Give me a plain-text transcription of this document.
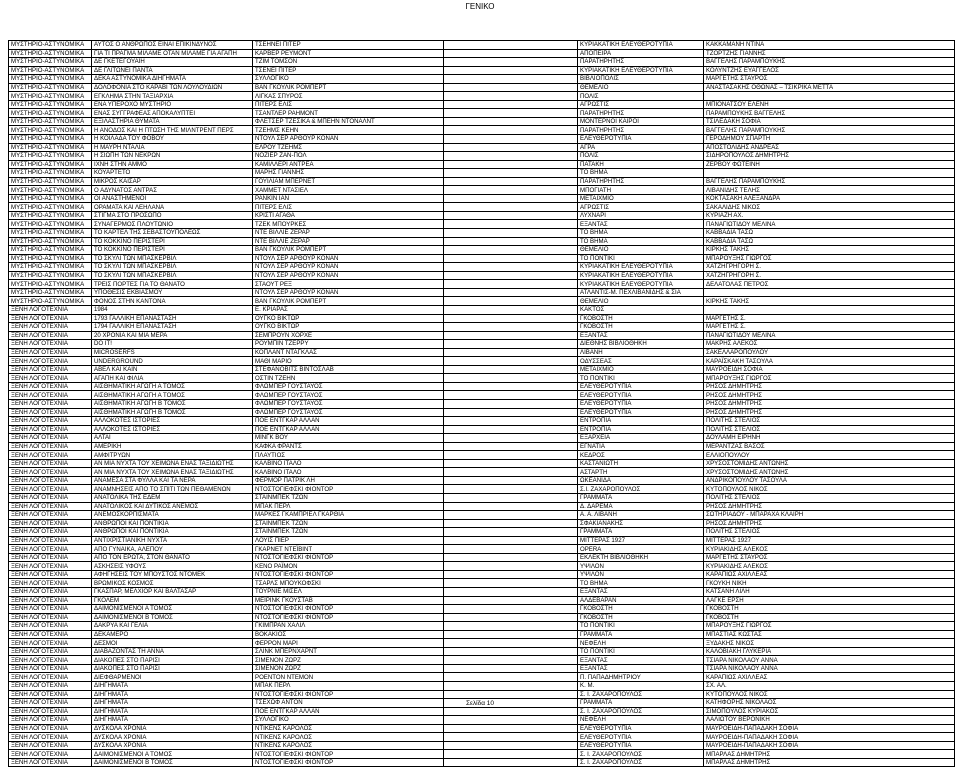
ΓΕΝΙΚΟ
ΜΥΣΤΗΡΙΟ-ΑΣΤΥΝΟΜΙΚΑ	ΑΥΤΟΣ Ο ΑΝΘΡΩΠΟΣ ΕΙΝΑΙ ΕΠΙΚΙΝΔΥΝΟΣ	ΤΣΕΗΝΕΪ ΠΙΤΕΡ		ΚΥΡΙΑΚΑΤΙΚΗ ΕΛΕΥΘΕΡΟΤΥΠΙΑ	ΚΑΚΚΑΜΑΝΗ ΝΤΙΝΑ
ΜΥΣΤΗΡΙΟ-ΑΣΤΥΝΟΜΙΚΑ	ΓΙΑ ΤΙ ΠΡΑΓΜΑ ΜΙΛΑΜΕ ΟΤΑΝ ΜΙΛΑΜΕ ΓΙΑ ΑΓΑΠΗ	ΚΑΡΒΕΡ ΡΕΫΜΟΝΤ		ΑΠΟΠΕΙΡΑ	ΤΖΟΡΤΖΗΣ ΓΙΑΝΝΗΣ
ΜΥΣΤΗΡΙΟ-ΑΣΤΥΝΟΜΙΚΑ	ΔΕ ΓΚΕΤΕΓΟΥΑΪΗ	ΤΖΙΜ ΤΟΜΣΟΝ		ΠΑΡΑΤΗΡΗΤΗΣ	ΒΑΓΓΕΛΗΣ ΠΑΡΑΜΠΟΥΚΗΣ
ΜΥΣΤΗΡΙΟ-ΑΣΤΥΝΟΜΙΚΑ	ΔΕ ΓΛΙΤΩΝΕΙ ΠΑΝΤΑ	ΤΣΕΝΕΪ ΠΙΤΕΡ		ΚΥΡΙΑΚΑΤΙΚΗ ΕΛΕΥΘΕΡΟΤΥΠΙΑ	ΚΟΛΥΝΤΖΗΣ ΕΥΑΓΓΕΛΟΣ
ΜΥΣΤΗΡΙΟ-ΑΣΤΥΝΟΜΙΚΑ	ΔΕΚΑ ΑΣΤΥΝΟΜΙΚΑ ΔΙΗΓΗΜΑΤΑ	ΣΥΛΛΟΓΙΚΟ		ΒΙΒΛΙΟΠΟΛΙΣ	ΜΑΡΓΕΤΗΣ ΣΤΑΥΡΟΣ
ΜΥΣΤΗΡΙΟ-ΑΣΤΥΝΟΜΙΚΑ	ΔΟΛΟΦΟΝΙΑ ΣΤΟ ΚΑΡΑΒΙ ΤΩΝ ΛΟΥΛΟΥΔΙΩΝ	ΒΑΝ ΓΚΟΥΛΙΚ ΡΟΜΠΕΡΤ		ΘΕΜΕΛΙΟ	ΑΝΑΣΤΑΣΑΚΗΣ ΟΘΩΝΑΣ – ΤΣΙΚΡΙΚΑ ΜΕΤΤΑ
ΜΥΣΤΗΡΙΟ-ΑΣΤΥΝΟΜΙΚΑ	ΕΓΚΛΗΜΑ ΣΤΗΝ ΤΑΞΙΑΡΧΙΑ	ΛΙΓΚΑΣ ΣΠΥΡΟΣ		ΠΟΛΙΣ	
ΜΥΣΤΗΡΙΟ-ΑΣΤΥΝΟΜΙΚΑ	ΕΝΑ ΥΠΕΡΟΧΟ ΜΥΣΤΗΡΙΟ	ΠΙΤΕΡΣ ΕΛΙΣ		ΑΓΡΩΣΤΙΣ	ΜΠΙΟΝΑΤΣΟΥ ΕΛΕΝΗ
ΜΥΣΤΗΡΙΟ-ΑΣΤΥΝΟΜΙΚΑ	ΕΝΑΣ ΣΥΓΓΡΑΦΕΑΣ ΑΠΟΚΑΛΥΠΤΕΙ	ΤΣΑΝΤΛΕΡ ΡΑΗΜΟΝΤ		ΠΑΡΑΤΗΡΗΤΗΣ	ΠΑΡΑΜΠΟΥΚΗΣ ΒΑΓΓΕΛΗΣ
ΜΥΣΤΗΡΙΟ-ΑΣΤΥΝΟΜΙΚΑ	ΕΞΙΛΑΣΤΗΡΙΑ ΘΥΜΑΤΑ	ΦΛΕΤΣΕΡ ΤΖΕΣΙΚΑ & ΜΠΕΗΝ ΝΤΟΝΑΛΝΤ		ΜΟΝΤΕΡΝΟΙ ΚΑΙΡΟΙ	ΤΣΙΛΕΔΑΚΗ ΣΟΦΙΑ
ΜΥΣΤΗΡΙΟ-ΑΣΤΥΝΟΜΙΚΑ	Η ΑΝΟΔΟΣ ΚΑΙ Η ΠΤΩΣΗ ΤΗΣ ΜΙΛΝΤΡΕΝΤ ΠΕΡΣ	ΤΖΕΗΜΣ ΚΕΗΝ		ΠΑΡΑΤΗΡΗΤΗΣ	ΒΑΓΓΕΛΗΣ ΠΑΡΑΜΠΟΥΚΗΣ
ΜΥΣΤΗΡΙΟ-ΑΣΤΥΝΟΜΙΚΑ	Η ΚΟΙΛΑΔΑ ΤΟΥ ΦΟΒΟΥ	ΝΤΟΥΛ ΣΕΡ ΑΡΘΟΥΡ ΚΟΝΑΝ		ΕΛΕΥΘΕΡΟΤΥΠΙΑ	ΓΕΡΟΔΗΜΟΥ ΣΠΑΡΤΗ
ΜΥΣΤΗΡΙΟ-ΑΣΤΥΝΟΜΙΚΑ	Η ΜΑΥΡΗ ΝΤΑΛΙΑ	ΕΛΡΟΫ ΤΖΕΗΜΣ		ΑΓΡΑ	ΑΠΟΣΤΟΛΙΔΗΣ ΑΝΔΡΕΑΣ
ΜΥΣΤΗΡΙΟ-ΑΣΤΥΝΟΜΙΚΑ	Η ΣΙΩΠΗ ΤΩΝ ΝΕΚΡΩΝ	ΝΟΖΙΕΡ ΖΑΝ-ΠΟΛ		ΠΟΛΙΣ	ΣΙΔΗΡΟΠΟΥΛΟΣ ΔΗΜΗΤΡΗΣ
ΜΥΣΤΗΡΙΟ-ΑΣΤΥΝΟΜΙΚΑ	ΙΧΝΗ ΣΤΗΝ ΑΜΜΟ	ΚΑΜΙΛΛΕΡΙ ΑΝΤΡΕΑ		ΠΑΤΑΚΗ	ΖΕΡΒΟΥ ΦΩΤΕΙΝΗ
ΜΥΣΤΗΡΙΟ-ΑΣΤΥΝΟΜΙΚΑ	ΚΟΥΑΡΤΕΤΟ	ΜΑΡΗΣ ΓΙΑΝΝΗΣ		ΤΟ ΒΗΜΑ	
ΜΥΣΤΗΡΙΟ-ΑΣΤΥΝΟΜΙΚΑ	ΜΙΚΡΟΣ ΚΑΙΣΑΡ	ΓΟΥΙΛΙΑΜ ΜΠΕΡΝΕΤ		ΠΑΡΑΤΗΡΗΤΗΣ	ΒΑΓΓΕΛΗΣ ΠΑΡΑΜΠΟΥΚΗΣ
ΜΥΣΤΗΡΙΟ-ΑΣΤΥΝΟΜΙΚΑ	Ο ΑΔΥΝΑΤΟΣ ΑΝΤΡΑΣ	ΧΑΜΜΕΤ ΝΤΑΣΙΕΛ		ΜΠΟΓΙΑΤΗ	ΛΙΒΑΝΙΔΗΣ ΤΕΛΗΣ
ΜΥΣΤΗΡΙΟ-ΑΣΤΥΝΟΜΙΚΑ	ΟΙ ΑΝΑΣΤΗΜΕΝΟΙ	ΡΑΝΚΙΝ ΙΑΝ		ΜΕΤΑΙΧΜΙΟ	ΚΟΚΤΑΣΑΚΗ ΑΛΕΞΑΝΔΡΑ
ΜΥΣΤΗΡΙΟ-ΑΣΤΥΝΟΜΙΚΑ	ΟΡΑΜΑΤΑ ΚΑΙ ΛΕΗΛΑΝΑ	ΠΙΤΕΡΣ ΕΛΙΣ		ΑΓΡΩΣΤΙΣ	ΣΑΚΑΛΙΔΗΣ ΝΙΚΟΣ
ΜΥΣΤΗΡΙΟ-ΑΣΤΥΝΟΜΙΚΑ	ΣΤΙΓΜΑ ΣΤΟ ΠΡΟΣΩΠΟ	ΚΡΙΣΤΙ ΑΓΑΘΑ		ΛΥΧΝΑΡΙ	ΚΥΡΙΑΖΗ ΑΧ.
ΜΥΣΤΗΡΙΟ-ΑΣΤΥΝΟΜΙΚΑ	ΣΥΝΑΓΕΡΜΟΣ ΠΛΟΥΤΩΝΙΟ	ΤΖΕΚ ΜΠΟΥΡΚΕΣ		ΕΞΑΝΤΑΣ	ΠΑΝΑΓΙΩΤΙΔΟΥ ΜΕΛΙΝΑ
ΜΥΣΤΗΡΙΟ-ΑΣΤΥΝΟΜΙΚΑ	ΤΟ ΚΑΡΤΕΛ ΤΗΣ ΣΕΒΑΣΤΟΥΠΟΛΕΩΣ	ΝΤΕ ΒΙΛΛΙΕ ΖΕΡΑΡ		ΤΟ ΒΗΜΑ	ΚΑΒΒΑΔΙΑ ΤΑΣΩ
ΜΥΣΤΗΡΙΟ-ΑΣΤΥΝΟΜΙΚΑ	ΤΟ ΚΟΚΚΙΝΟ ΠΕΡΙΣΤΕΡΙ	ΝΤΕ ΒΙΛΛΙΕ ΖΕΡΑΡ		ΤΟ ΒΗΜΑ	ΚΑΒΒΑΔΙΑ ΤΑΣΩ
ΜΥΣΤΗΡΙΟ-ΑΣΤΥΝΟΜΙΚΑ	ΤΟ ΚΟΚΚΙΝΟ ΠΕΡΙΣΤΕΡΙ	ΒΑΝ ΓΚΟΥΛΙΚ ΡΟΜΠΕΡΤ		ΘΕΜΕΛΙΟ	ΚΙΡΚΗΣ ΤΑΚΗΣ
ΜΥΣΤΗΡΙΟ-ΑΣΤΥΝΟΜΙΚΑ	ΤΟ ΣΚΥΛΙ ΤΩΝ ΜΠΑΣΚΕΡΒΙΛ	ΝΤΟΥΛ ΣΕΡ ΑΡΘΟΥΡ ΚΟΝΑΝ		ΤΟ ΠΟΝΤΙΚΙ	ΜΠΑΡΟΥΞΗΣ ΓΙΩΡΓΟΣ
ΜΥΣΤΗΡΙΟ-ΑΣΤΥΝΟΜΙΚΑ	ΤΟ ΣΚΥΛΙ ΤΩΝ ΜΠΑΣΚΕΡΒΙΛ	ΝΤΟΥΛ ΣΕΡ ΑΡΘΟΥΡ ΚΟΝΑΝ		ΚΥΡΙΑΚΑΤΙΚΗ ΕΛΕΥΘΕΡΟΤΥΠΙΑ	ΧΑΤΖΗΓΡΗΓΟΡΗ Σ.
ΜΥΣΤΗΡΙΟ-ΑΣΤΥΝΟΜΙΚΑ	ΤΟ ΣΚΥΛΙ ΤΩΝ ΜΠΑΣΚΕΡΒΙΛ	ΝΤΟΥΛ ΣΕΡ ΑΡΘΟΥΡ ΚΟΝΑΝ		ΚΥΡΙΑΚΑΤΙΚΗ ΕΛΕΥΘΕΡΟΤΥΠΙΑ	ΧΑΤΖΗΓΡΗΓΟΡΗ Σ.
ΜΥΣΤΗΡΙΟ-ΑΣΤΥΝΟΜΙΚΑ	ΤΡΕΙΣ ΠΟΡΤΕΣ ΓΙΑ ΤΟ ΘΑΝΑΤΟ	ΣΤΑΟΥΤ ΡΕΞ		ΚΥΡΙΑΚΑΤΙΚΗ ΕΛΕΥΘΕΡΟΤΥΠΙΑ	ΔΕΛΑΤΟΛΑΣ ΠΕΤΡΟΣ
ΜΥΣΤΗΡΙΟ-ΑΣΤΥΝΟΜΙΚΑ	ΥΠΟΘΕΣΙΣ ΕΚΒΙΑΣΜΟΥ	ΝΤΟΥΛ ΣΕΡ ΑΡΘΟΥΡ ΚΟΝΑΝ		ΑΤΛΑΝΤΙΣ-Μ. ΠΕΧΛΙΒΑΝΙΔΗΣ & ΣΙΑ	
ΜΥΣΤΗΡΙΟ-ΑΣΤΥΝΟΜΙΚΑ	ΦΟΝΟΣ ΣΤΗΝ ΚΑΝΤΟΝΑ	ΒΑΝ ΓΚΟΥΛΙΚ ΡΟΜΠΕΡΤ		ΘΕΜΕΛΙΟ	ΚΙΡΚΗΣ ΤΑΚΗΣ
ΞΕΝΗ ΛΟΓΟΤΕΧΝΙΑ	1984	Ε. ΚΡΙΑΡΑΣ		ΚΑΚΤΟΣ	
ΞΕΝΗ ΛΟΓΟΤΕΧΝΙΑ	1793 ΓΑΛΛΙΚΗ ΕΠΑΝΑΣΤΑΣΗ	ΟΥΓΚΟ ΒΙΚΤΩΡ		ΓΚΟΒΟΣΤΗ	ΜΑΡΓΕΤΗΣ Σ.
ΞΕΝΗ ΛΟΓΟΤΕΧΝΙΑ	1794 ΓΑΛΛΙΚΗ ΕΠΑΝΑΣΤΑΣΗ	ΟΥΓΚΟ ΒΙΚΤΩΡ		ΓΚΟΒΟΣΤΗ	ΜΑΡΓΕΤΗΣ Σ.
ΞΕΝΗ ΛΟΓΟΤΕΧΝΙΑ	20 ΧΡΟΝΙΑ ΚΑΙ ΜΙΑ ΜΕΡΑ	ΣΕΜΠΡΟΥΝ ΧΟΡΧΕ		ΕΞΑΝΤΑΣ	ΠΑΝΑΓΙΩΤΙΔΟΥ ΜΕΛΙΝΑ
ΞΕΝΗ ΛΟΓΟΤΕΧΝΙΑ	DO IT!	ΡΟΥΜΠΙΝ ΤΖΕΡΡΥ		ΔΙΕΘΝΗΣ ΒΙΒΛΙΟΘΗΚΗ	ΜΑΚΡΗΣ ΑΛΕΚΟΣ
ΞΕΝΗ ΛΟΓΟΤΕΧΝΙΑ	MICROSERFS	ΚΟΠΛΑΝΤ ΝΤΑΓΚΛΑΣ		ΛΙΒΑΝΗ	ΣΑΚΕΛΛΑΡΟΠΟΥΛΟΥ
ΞΕΝΗ ΛΟΓΟΤΕΧΝΙΑ	UNDERGROUND	ΜΑΘΙ ΜΑΡΙΟ		ΟΔΥΣΣΕΑΣ	ΚΑΡΑΪΣΚΑΚΗ ΤΑΣΟΥΛΑ
ΞΕΝΗ ΛΟΓΟΤΕΧΝΙΑ	ΑΒΕΛ ΚΑΙ ΚΑΙΝ	ΣΤΕΦΑΝΟΒΙΤΣ ΒΙΝΤΟΣΛΑΒ		ΜΕΤΑΙΧΜΙΟ	ΜΑΥΡΟΕΙΔΗ ΣΟΦΙΑ
ΞΕΝΗ ΛΟΓΟΤΕΧΝΙΑ	ΑΓΑΠΗ ΚΑΙ ΦΙΛΙΑ	ΟΣΤΙΝ ΤΖΕΗΝ		ΤΟ ΠΟΝΤΙΚΙ	ΜΠΑΡΟΥΞΗΣ ΓΙΩΡΓΟΣ
ΞΕΝΗ ΛΟΓΟΤΕΧΝΙΑ	ΑΙΣΘΗΜΑΤΙΚΗ ΑΓΩΓΗ Α ΤΟΜΟΣ	ΦΛΩΜΠΕΡ ΓΟΥΣΤΑΥΟΣ		ΕΛΕΥΘΕΡΟΤΥΠΙΑ	ΡΗΣΟΣ ΔΗΜΗΤΡΗΣ
ΞΕΝΗ ΛΟΓΟΤΕΧΝΙΑ	ΑΙΣΘΗΜΑΤΙΚΗ ΑΓΩΓΗ Α ΤΟΜΟΣ	ΦΛΩΜΠΕΡ ΓΟΥΣΤΑΥΟΣ		ΕΛΕΥΘΕΡΟΤΥΠΙΑ	ΡΗΣΟΣ ΔΗΜΗΤΡΗΣ
ΞΕΝΗ ΛΟΓΟΤΕΧΝΙΑ	ΑΙΣΘΗΜΑΤΙΚΗ ΑΓΩΓΗ Β ΤΟΜΟΣ	ΦΛΩΜΠΕΡ ΓΟΥΣΤΑΥΟΣ		ΕΛΕΥΘΕΡΟΤΥΠΙΑ	ΡΗΣΟΣ ΔΗΜΗΤΡΗΣ
ΞΕΝΗ ΛΟΓΟΤΕΧΝΙΑ	ΑΙΣΘΗΜΑΤΙΚΗ ΑΓΩΓΗ Β ΤΟΜΟΣ	ΦΛΩΜΠΕΡ ΓΟΥΣΤΑΥΟΣ		ΕΛΕΥΘΕΡΟΤΥΠΙΑ	ΡΗΣΟΣ ΔΗΜΗΤΡΗΣ
ΞΕΝΗ ΛΟΓΟΤΕΧΝΙΑ	ΑΛΛΟΚΟΤΕΣ ΙΣΤΟΡΙΕΣ	ΠΟΕ ΕΝΤΓΚΑΡ ΑΛΛΑΝ		ΕΝΤΡΟΠΙΑ	ΠΟΛΙΤΗΣ ΣΤΕΛΙΟΣ
ΞΕΝΗ ΛΟΓΟΤΕΧΝΙΑ	ΑΛΛΟΚΟΤΕΣ ΙΣΤΟΡΙΕΣ	ΠΟΕ ΕΝΤΓΚΑΡ ΑΛΛΑΝ		ΕΝΤΡΟΠΙΑ	ΠΟΛΙΤΗΣ ΣΤΕΛΙΟΣ
ΞΕΝΗ ΛΟΓΟΤΕΧΝΙΑ	ΑΛΤΑΙ	ΜΙΝΓΚ ΒΟΥ		ΕΞΑΡΧΕΙΑ	ΔΟΥΛΑΜΗ ΕΙΡΗΝΗ
ΞΕΝΗ ΛΟΓΟΤΕΧΝΙΑ	ΑΜΕΡΙΚΗ	ΚΑΦΚΑ ΦΡΑΝΤΣ		ΕΓΝΑΤΙΑ	ΜΕΡΑΝΤΖΑΣ ΒΑΣΟΣ
ΞΕΝΗ ΛΟΓΟΤΕΧΝΙΑ	ΑΜΦΙΤΡΥΩΝ	ΠΛΑΥΤΙΟΣ		ΚΕΔΡΟΣ	ΕΛΛΙΟΠΟΥΛΟΥ
ΞΕΝΗ ΛΟΓΟΤΕΧΝΙΑ	ΑΝ ΜΙΑ ΝΥΧΤΑ ΤΟΥ ΧΕΙΜΩΝΑ ΕΝΑΣ ΤΑΞΙΔΙΩΤΗΣ	ΚΑΛΒΙΝΟ ΙΤΑΛΟ		ΚΑΣΤΑΝΙΩΤΗ	ΧΡΥΣΟΣΤΟΜΙΔΗΣ ΑΝΤΩΝΗΣ
ΞΕΝΗ ΛΟΓΟΤΕΧΝΙΑ	ΑΝ ΜΙΑ ΝΥΧΤΑ ΤΟΥ ΧΕΙΜΩΝΑ ΕΝΑΣ ΤΑΞΙΔΙΩΤΗΣ	ΚΑΛΒΙΝΟ ΙΤΑΛΟ		ΑΣΤΑΡΤΗ	ΧΡΥΣΟΣΤΟΜΙΔΗΣ ΑΝΤΩΝΗΣ
ΞΕΝΗ ΛΟΓΟΤΕΧΝΙΑ	ΑΝΑΜΕΣΑ ΣΤΑ ΦΥΛΛΑ ΚΑΙ ΤΑ ΝΕΡΑ	ΦΕΡΜΟΡ ΠΑΤΡΙΚ ΛΗ		ΩΚΕΑΝΙΔΑ	ΑΝΔΡΙΚΟΠΟΥΛΟΥ ΤΑΣΟΥΛΑ
ΞΕΝΗ ΛΟΓΟΤΕΧΝΙΑ	ΑΝΑΜΝΗΣΕΙΣ ΑΠΟ ΤΟ ΣΠΙΤΙ ΤΩΝ ΠΕΘΑΜΕΝΩΝ	ΝΤΟΣΤΟΓΙΕΦΣΚΙ ΦΙΟΝΤΟΡ		Σ.Ι. ΖΑΧΑΡΟΠΟΥΛΟΣ	ΚΥΤΟΠΟΥΛΟΣ ΝΙΚΟΣ
ΞΕΝΗ ΛΟΓΟΤΕΧΝΙΑ	ΑΝΑΤΟΛΙΚΑ ΤΗΣ ΕΔΕΜ	ΣΤΑΙΝΜΠΕΚ ΤΖΩΝ		ΓΡΑΜΜΑΤΑ	ΠΟΛΙΤΗΣ ΣΤΕΛΙΟΣ
ΞΕΝΗ ΛΟΓΟΤΕΧΝΙΑ	ΑΝΑΤΟΛΙΚΟΣ ΚΑΙ ΔΥΤΙΚΟΣ ΑΝΕΜΟΣ	ΜΠΑΚ ΠΕΡΛ		Δ. ΔΑΡΕΜΑ	ΡΗΣΟΣ ΔΗΜΗΤΡΗΣ
ΞΕΝΗ ΛΟΓΟΤΕΧΝΙΑ	ΑΝΕΜΟΣΚΟΡΠΙΣΜΑΤΑ	ΜΑΡΚΕΣ ΓΚΑΜΠΡΙΕΛ ΓΚΑΡΘΙΑ		Α. Α. ΛΙΒΑΝΗ	ΣΩΤΗΡΙΑΔΟΥ - ΜΠΑΡΑΧΑ ΚΛΑΙΡΗ
ΞΕΝΗ ΛΟΓΟΤΕΧΝΙΑ	ΑΝΘΡΩΠΟΙ ΚΑΙ ΠΟΝΤΙΚΙΑ	ΣΤΑΙΝΜΠΕΚ ΤΖΩΝ		ΣΦΑΚΙΑΝΑΚΗΣ	ΡΗΣΟΣ ΔΗΜΗΤΡΗΣ
ΞΕΝΗ ΛΟΓΟΤΕΧΝΙΑ	ΑΝΘΡΩΠΟΙ ΚΑΙ ΠΟΝΤΙΚΙΑ	ΣΤΑΙΝΜΠΕΚ ΤΖΩΝ		ΓΡΑΜΜΑΤΑ	ΠΟΛΙΤΗΣ ΣΤΕΛΙΟΣ
ΞΕΝΗ ΛΟΓΟΤΕΧΝΙΑ	ΑΝΤΙΧΡΙΣΤΙΑΝΙΚΗ ΝΥΧΤΑ	ΛΟΥΙΣ ΠΙΕΡ		ΜΙΤΤΕΡΑΣ 1927	ΜΙΤΤΕΡΑΣ 1927
ΞΕΝΗ ΛΟΓΟΤΕΧΝΙΑ	ΑΠΟ ΓΥΝΑΙΚΑ, ΑΛΕΠΟΥ	ΓΚΑΡΝΕΤ ΝΤΕΪΒΙΝΤ		OPERA	ΚΥΡΙΑΚΙΔΗΣ ΑΛΕΚΟΣ
ΞΕΝΗ ΛΟΓΟΤΕΧΝΙΑ	ΑΠΟ ΤΟΝ ΕΡΩΤΑ, ΣΤΟΝ ΘΑΝΑΤΟ	ΝΤΟΣΤΟΓΙΕΦΣΚΙ ΦΙΟΝΤΟΡ		ΕΚΛΕΚΤΗ ΒΙΒΛΙΟΘΗΚΗ	ΜΑΡΓΕΤΗΣ ΣΤΑΥΡΟΣ
ΞΕΝΗ ΛΟΓΟΤΕΧΝΙΑ	ΑΣΚΗΣΕΙΣ ΥΦΟΥΣ	ΚΕΝΟ ΡΑΪΜΟΝ		ΥΨΙΛΟΝ	ΚΥΡΙΑΚΙΔΗΣ ΑΛΕΚΟΣ
ΞΕΝΗ ΛΟΓΟΤΕΧΝΙΑ	ΑΦΗΓΗΣΕΙΣ ΤΟΥ ΜΠΟΥΣΤΟΣ ΝΤΟΜΕΚ	ΝΤΟΣΤΟΓΙΕΦΣΚΙ ΦΙΟΝΤΟΡ		ΥΨΙΛΟΝ	ΚΑΡΑΠΙΩΣ ΑΧΙΛΛΕΑΣ
ΞΕΝΗ ΛΟΓΟΤΕΧΝΙΑ	ΒΡΩΜΙΚΟΣ ΚΟΣΜΟΣ	ΤΣΑΡΛΣ ΜΠΟΥΚΟΦΣΚΙ		ΤΟ ΒΗΜΑ	ΓΚΟΥΚΗ ΝΙΚΗ
ΞΕΝΗ ΛΟΓΟΤΕΧΝΙΑ	ΓΚΑΣΠΑΡ, ΜΕΛΧΙΟΡ ΚΑΙ ΒΑΛΤΑΣΑΡ	ΤΟΥΡΝΙΕ ΜΙΣΕΛ		ΕΞΑΝΤΑΣ	ΚΑΤΣΑΝΗ ΛΙΛΗ
ΞΕΝΗ ΛΟΓΟΤΕΧΝΙΑ	ΓΚΟΛΕΜ	ΜΕΪΡΙΝΚ ΓΚΟΥΣΤΑΒ		ΑΛΔΕΒΑΡΑΝ	ΛΑΓΚΕ ΕΡΣΗ
ΞΕΝΗ ΛΟΓΟΤΕΧΝΙΑ	ΔΑΙΜΟΝΙΣΜΕΝΟΙ Α ΤΟΜΟΣ	ΝΤΟΣΤΟΓΙΕΦΣΚΙ ΦΙΟΝΤΟΡ		ΓΚΟΒΟΣΤΗ	ΓΚΟΒΟΣΤΗ
ΞΕΝΗ ΛΟΓΟΤΕΧΝΙΑ	ΔΑΙΜΟΝΙΣΜΕΝΟΙ Β ΤΟΜΟΣ	ΝΤΟΣΤΟΓΙΕΦΣΚΙ ΦΙΟΝΤΟΡ		ΓΚΟΒΟΣΤΗ	ΓΚΟΒΟΣΤΗ
ΞΕΝΗ ΛΟΓΟΤΕΧΝΙΑ	ΔΑΚΡΥΑ ΚΑΙ ΓΕΛΙΑ	ΓΚΙΜΠΡΑΝ ΧΑΛΙΛ		ΤΟ ΠΟΝΤΙΚΙ	ΜΠΑΡΟΥΞΗΣ ΓΙΩΡΓΟΣ
ΞΕΝΗ ΛΟΓΟΤΕΧΝΙΑ	ΔΕΚΑΜΕΡΟ	ΒΟΚΑΚΙΟΣ		ΓΡΑΜΜΑΤΑ	ΜΠΑΣΤΙΑΣ ΚΩΣΤΑΣ
ΞΕΝΗ ΛΟΓΟΤΕΧΝΙΑ	ΔΕΣΜΟΙ	ΦΕΡΡΟΝ ΜΑΡΙ		ΝΕΦΕΛΗ	ΞΥΔΑΚΗΣ ΝΙΚΟΣ
ΞΕΝΗ ΛΟΓΟΤΕΧΝΙΑ	ΔΙΑΒΑΖΟΝΤΑΣ ΤΗ ΑΝΝΑ	ΣΛΙΝΚ ΜΠΕΡΝΧΑΡΝΤ		ΤΟ ΠΟΝΤΙΚΙ	ΚΑΛΟΒΙΑΚΗ ΓΛΥΚΕΡΙΑ
ΞΕΝΗ ΛΟΓΟΤΕΧΝΙΑ	ΔΙΑΚΟΠΕΣ ΣΤΟ ΠΑΡΙΣΙ	ΣΙΜΕΝΟΝ ΖΩΡΖ		ΕΞΑΝΤΑΣ	ΤΣΙΑΡΑ ΝΙΚΟΛΑΟΥ ΑΝΝΑ
ΞΕΝΗ ΛΟΓΟΤΕΧΝΙΑ	ΔΙΑΚΟΠΕΣ ΣΤΟ ΠΑΡΙΣΙ	ΣΙΜΕΝΟΝ ΖΩΡΖ		ΕΞΑΝΤΑΣ	ΤΣΙΑΡΑ ΝΙΚΟΛΑΟΥ ΑΝΝΑ
ΞΕΝΗ ΛΟΓΟΤΕΧΝΙΑ	ΔΙΕΦΘΑΡΜΕΝΟΙ	ΡΟΕΝΤΟΝ ΝΤΕΜΟΝ		Π. ΠΑΠΑΔΗΜΗΤΡΙΟΥ	ΚΑΡΑΠΙΩΣ ΑΧΙΛΛΕΑΣ
ΞΕΝΗ ΛΟΓΟΤΕΧΝΙΑ	ΔΙΗΓΗΜΑΤΑ	ΜΠΑΚ ΠΕΡΛ		Κ. Μ.	ΣΧ. ΑΛ.
ΞΕΝΗ ΛΟΓΟΤΕΧΝΙΑ	ΔΙΗΓΗΜΑΤΑ	ΝΤΟΣΤΟΓΙΕΦΣΚΙ ΦΙΟΝΤΟΡ		Σ. Ι. ΖΑΧΑΡΟΠΟΥΛΟΣ	ΚΥΤΟΠΟΥΛΟΣ ΝΙΚΟΣ
ΞΕΝΗ ΛΟΓΟΤΕΧΝΙΑ	ΔΙΗΓΗΜΑΤΑ	ΤΣΕΧΩΦ ΑΝΤΟΝ		ΓΡΑΜΜΑΤΑ	ΚΑΤΗΦΟΡΗΣ ΝΙΚΟΛΑΟΣ
ΞΕΝΗ ΛΟΓΟΤΕΧΝΙΑ	ΔΙΗΓΗΜΑΤΑ	ΠΟΕ ΕΝΤΓΚΑΡ ΑΛΛΑΝ		Σ. Ι. ΖΑΧΑΡΟΠΟΥΛΟΣ	ΣΙΜΟΠΟΥΛΟΣ ΚΥΡΙΑΚΟΣ
ΞΕΝΗ ΛΟΓΟΤΕΧΝΙΑ	ΔΙΗΓΗΜΑΤΑ	ΣΥΛΛΟΓΙΚΟ		ΝΕΦΕΛΗ	ΛΑΛΙΩΤΟΥ ΒΕΡΟΝΙΚΗ
ΞΕΝΗ ΛΟΓΟΤΕΧΝΙΑ	ΔΥΣΚΟΛΑ ΧΡΟΝΙΑ	ΝΤΙΚΕΝΣ ΚΑΡΟΛΟΣ		ΕΛΕΥΘΕΡΟΤΥΠΙΑ	ΜΑΥΡΟΕΙΔΗ-ΠΑΠΑΔΑΚΗ ΣΟΦΙΑ
ΞΕΝΗ ΛΟΓΟΤΕΧΝΙΑ	ΔΥΣΚΟΛΑ ΧΡΟΝΙΑ	ΝΤΙΚΕΝΣ ΚΑΡΟΛΟΣ		ΕΛΕΥΘΕΡΟΤΥΠΙΑ	ΜΑΥΡΟΕΙΔΗ-ΠΑΠΑΔΑΚΗ ΣΟΦΙΑ
ΞΕΝΗ ΛΟΓΟΤΕΧΝΙΑ	ΔΥΣΚΟΛΑ ΧΡΟΝΙΑ	ΝΤΙΚΕΝΣ ΚΑΡΟΛΟΣ		ΕΛΕΥΘΕΡΟΤΥΠΙΑ	ΜΑΥΡΟΕΙΔΗ-ΠΑΠΑΔΑΚΗ ΣΟΦΙΑ
ΞΕΝΗ ΛΟΓΟΤΕΧΝΙΑ	ΔΑΙΜΟΝΙΣΜΕΝΟΙ Α ΤΟΜΟΣ	ΝΤΟΣΤΟΓΙΕΦΣΚΙ ΦΙΟΝΤΟΡ		Σ. Ι. ΖΑΧΑΡΟΠΟΥΛΟΣ	ΜΠΑΡΛΑΣ ΔΗΜΗΤΡΗΣ
ΞΕΝΗ ΛΟΓΟΤΕΧΝΙΑ	ΔΑΙΜΟΝΙΣΜΕΝΟΙ Β ΤΟΜΟΣ	ΝΤΟΣΤΟΓΙΕΦΣΚΙ ΦΙΟΝΤΟΡ		Σ. Ι. ΖΑΧΑΡΟΠΟΥΛΟΣ	ΜΠΑΡΛΑΣ ΔΗΜΗΤΡΗΣ
Σελίδα 10
